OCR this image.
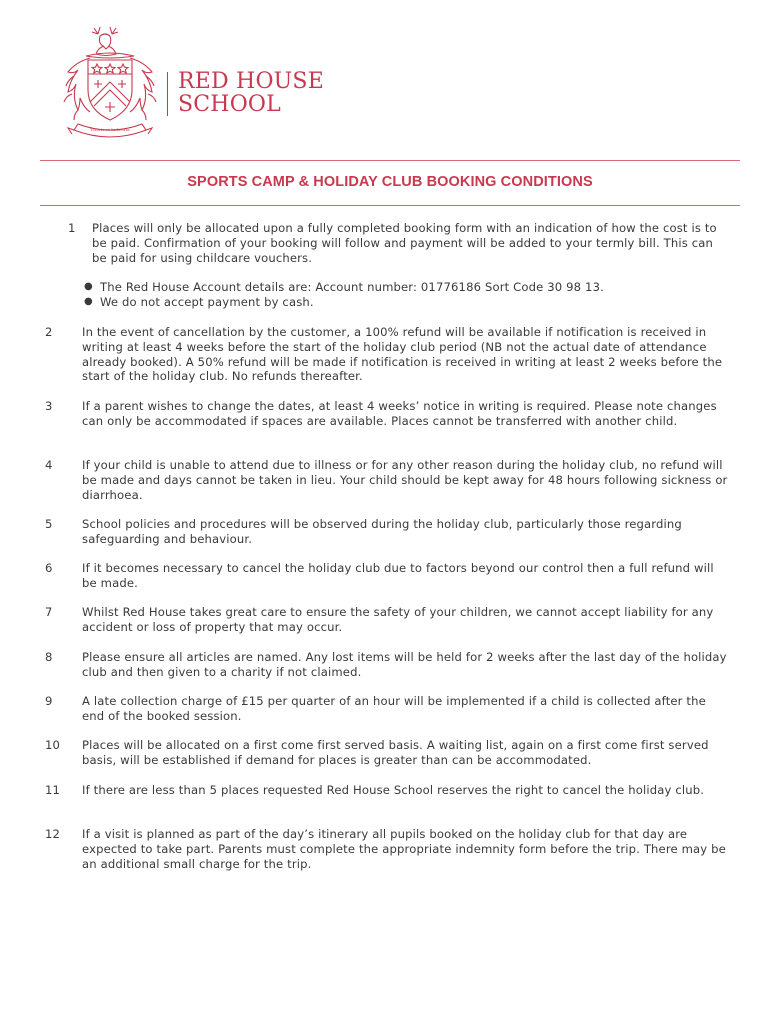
Virtute et Industria
RED HOUSE
SCHOOL
SPORTS CAMP & HOLIDAY CLUB BOOKING CONDITIONS
1 Places will only be allocated upon a fully completed booking form with an indication of how the cost is to be paid. Confirmation of your booking will follow and payment will be added to your termly bill. This can be paid for using childcare vouchers.
2	In the event of cancellation by the customer, a 100% refund will be available if notification is received in writing at least 4 weeks before the start of the holiday club period (NB not the actual date of attendance already booked). A 50% refund will be made if notification is received in writing at least 2 weeks before the start of the holiday club. No refunds thereafter.
3	If a parent wishes to change the dates, at least 4 weeks’ notice in writing is required. Please note changes can only be accommodated if spaces are available. Places cannot be transferred with another child.
4	If your child is unable to attend due to illness or for any other reason during the holiday club, no refund will be made and days cannot be taken in lieu. Your child should be kept away for 48 hours following sickness or diarrhoea.
5	School policies and procedures will be observed during the holiday club, particularly those regarding safeguarding and behaviour.
6	If it becomes necessary to cancel the holiday club due to factors beyond our control then a full refund will be made.
7	Whilst Red House takes great care to ensure the safety of your children, we cannot accept liability for any accident or loss of property that may occur.
8	Please ensure all articles are named. Any lost items will be held for 2 weeks after the last day of the holiday club and then given to a charity if not claimed.
9	A late collection charge of £15 per quarter of an hour will be implemented if a child is collected after the end of the booked session.
10 Places will be allocated on a first come first served basis. A waiting list, again on a first come first served basis, will be established if demand for places is greater than can be accommodated.
11 If there are less than 5 places requested Red House School reserves the right to cancel the holiday club.
12 If a visit is planned as part of the day’s itinerary all pupils booked on the holiday club for that day are expected to take part. Parents must complete the appropriate indemnity form before the trip. There may be an additional small charge for the trip.
● The Red House Account details are: Account number: 01776186 Sort Code 30 98 13.
● We do not accept payment by cash.
